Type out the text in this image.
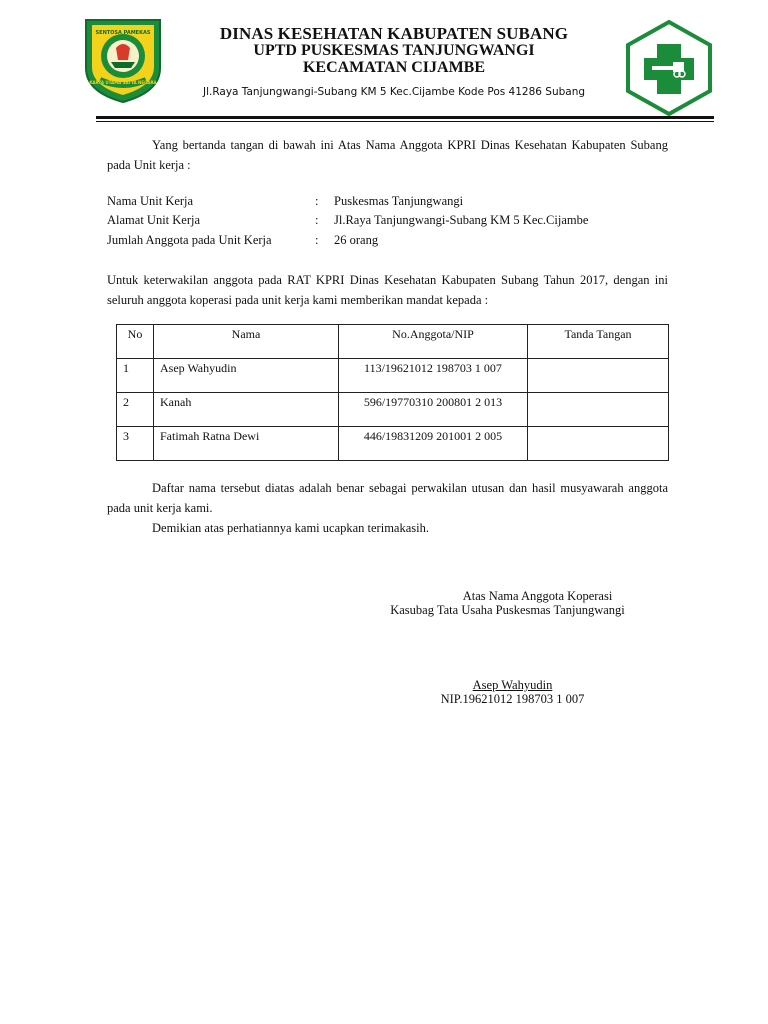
SENTOSA PAMEKAS
KARYA UTAMA SATYA NEGARA
DINAS KESEHATAN KABUPATEN SUBANG
UPTD PUSKESMAS TANJUNGWANGI
KECAMATAN CIJAMBE
Jl.Raya Tanjungwangi-Subang KM 5 Kec.Cijambe Kode Pos 41286 Subang
Yang bertanda tangan di bawah ini Atas Nama Anggota KPRI Dinas Kesehatan Kabupaten Subang pada Unit kerja :
Nama Unit Kerja	: Puskesmas Tanjungwangi
Alamat Unit Kerja	: Jl.Raya Tanjungwangi-Subang KM 5 Kec.Cijambe
Jumlah Anggota pada Unit Kerja	: 26 orang
Untuk keterwakilan anggota pada RAT KPRI Dinas Kesehatan Kabupaten Subang Tahun 2017, dengan ini seluruh anggota koperasi pada unit kerja kami memberikan mandat kepada :
No	Nama	No.Anggota/NIP	Tanda Tangan
1	Asep Wahyudin	113/19621012 198703 1 007	
2	Kanah	596/19770310 200801 2 013	
3	Fatimah Ratna Dewi	446/19831209 201001 2 005	
Daftar nama tersebut diatas adalah benar sebagai perwakilan utusan dan hasil musyawarah anggota pada unit kerja kami.
Demikian atas perhatiannya kami ucapkan terimakasih.
Atas Nama Anggota Koperasi
Kasubag Tata Usaha Puskesmas Tanjungwangi
Asep Wahyudin
NIP.19621012 198703 1 007
